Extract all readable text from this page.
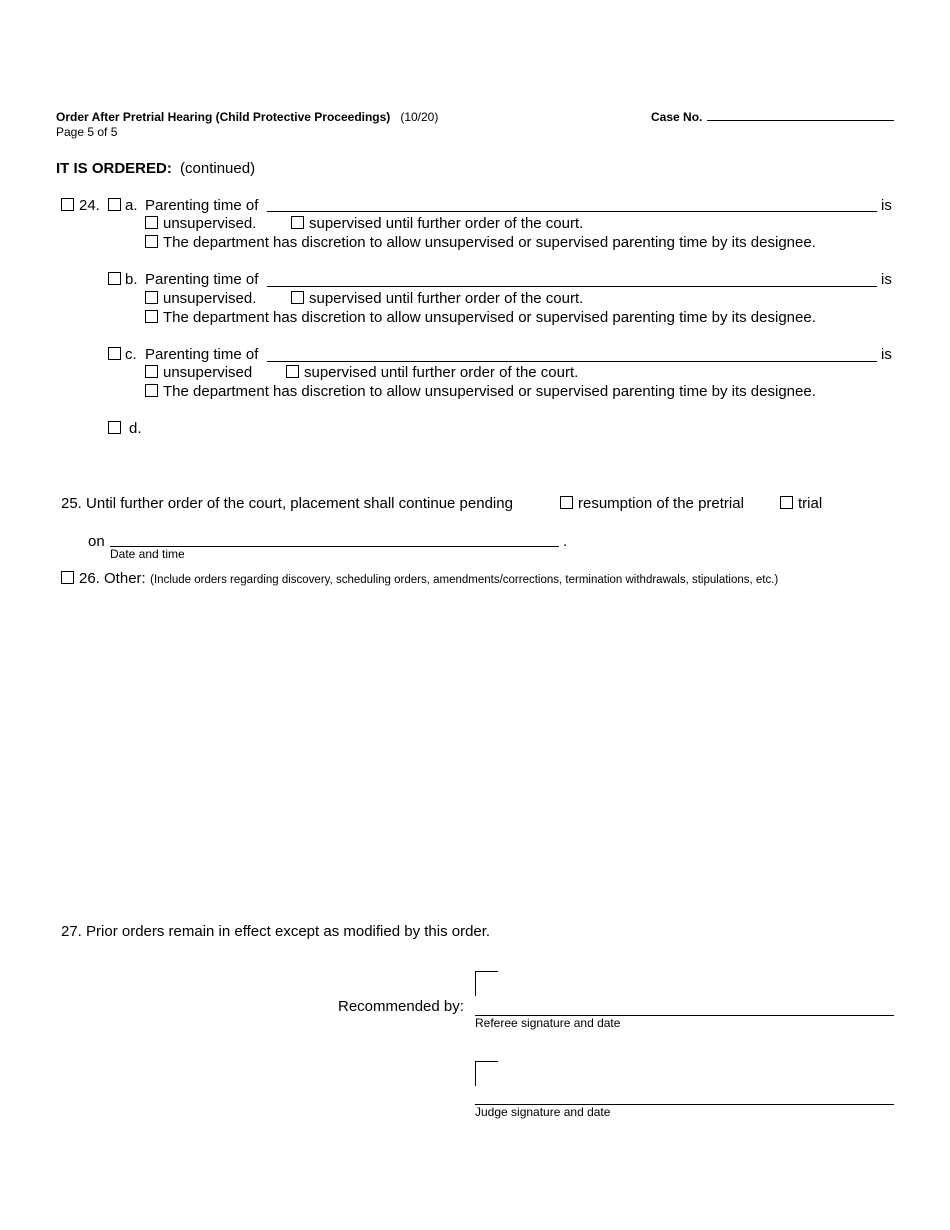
Order After Pretrial Hearing (Child Protective Proceedings) (10/20)
Page 5 of 5
Case No.
IT IS ORDERED: (continued)
24. a. Parenting time of	is
unsupervised.	supervised until further order of the court.
The department has discretion to allow unsupervised or supervised parenting time by its designee.
b. Parenting time of	is
unsupervised.	supervised until further order of the court.
The department has discretion to allow unsupervised or supervised parenting time by its designee.
c. Parenting time of	is
unsupervised	supervised until further order of the court.
The department has discretion to allow unsupervised or supervised parenting time by its designee.
d.
25. Until further order of the court, placement shall continue pending	resumption of the pretrial	trial
on	.
Date and time
26. Other: (Include orders regarding discovery, scheduling orders, amendments/corrections, termination withdrawals, stipulations, etc.)
27. Prior orders remain in effect except as modified by this order.
Recommended by:
Referee signature and date
Judge signature and date
